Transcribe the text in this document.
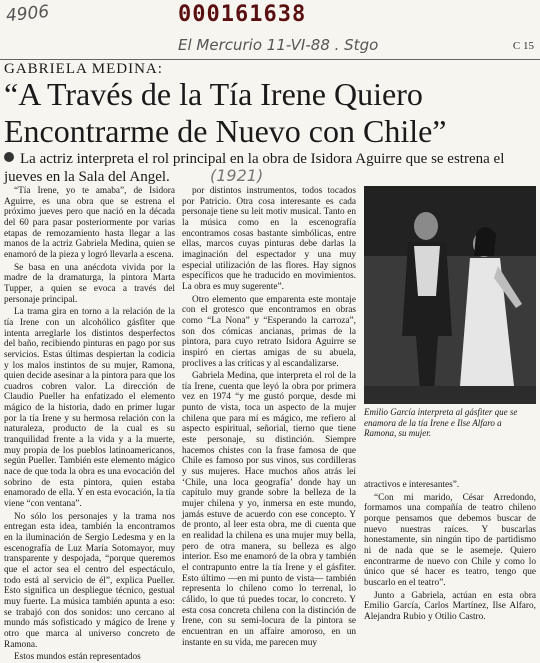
4906	000161638
El Mercurio 11-VI-88 . Stgo	C 15
GABRIELA MEDINA:
“A Través de la Tía Irene Quiero Encontrarme de Nuevo con Chile”
La actriz interpreta el rol principal en la obra de Isidora Aguirre que se estrena el jueves en la Sala del Angel.

“Tía Irene, yo te amaba”, de Isidora Aguirre, es una obra que se estrena el próximo jueves pero que nació en la década del 60 para pasar posteriormente por varias etapas de remozamiento hasta llegar a las manos de la actriz Gabriela Medina, quien se enamoró de la pieza y logró llevarla a escena.

Se basa en una anécdota vivida por la madre de la dramaturga, la pintora Marta Tupper, a quien se evoca a través del personaje principal.

La trama gira en torno a la relación de la tía Irene con un alcohólico gásfiter que intenta arreglarle los distintos desperfectos del baño, recibiendo pinturas en pago por sus servicios. Estas últimas despiertan la codicia y los malos instintos de su mujer, Ramona, quien decide asesinar a la pintora para que los cuadros cobren valor. La dirección de Claudio Pueller ha enfatizado el elemento mágico de la historia, dado en primer lugar por la tía Irene y su hermosa relación con la naturaleza, producto de la cual es su tranquilidad frente a la vida y a la muerte, muy propia de los pueblos latinoamericanos, según Pueller. También este elemento mágico nace de que toda la obra es una evocación del sobrino de esta pintora, quien estaba enamorado de ella. Y en esta evocación, la tía viene “con ventana”.

No sólo los personajes y la trama nos entregan esta idea, también la encontramos en la iluminación de Sergio Ledesma y en la escenografía de Luz María Sotomayor, muy transparente y despojada, “porque queremos que el actor sea el centro del espectáculo, todo está al servicio de él”, explica Pueller. Esto significa un despliegue técnico, gestual muy fuerte. La música también apunta a eso: se trabajó con dos sonidos: uno cercano al mundo más sofisticado y mágico de Irene y otro que marca al universo concreto de Ramona.

Estos mundos están representados

(1921)

por distintos instrumentos, todos tocados por Patricio. Otra cosa interesante es cada personaje tiene su leit motiv musical. Tanto en la música como en la escenografía encontramos cosas bastante simbólicas, entre ellas, marcos cuyas pinturas debe darlas la imaginación del espectador y una muy especial utilización de las flores. Hay signos específicos que he traducido en movimientos. La obra es muy sugerente”.

Otro elemento que emparenta este montaje con el grotesco que encontramos en obras como “La Nona” y “Esperando la carroza”, son dos cómicas ancianas, primas de la pintora, para cuyo retrato Isidora Aguirre se inspiró en ciertas amigas de su abuela, proclives a las críticas y al escandalizarse.

Gabriela Medina, que interpreta el rol de la tía Irene, cuenta que leyó la obra por primera vez en 1974 “y me gustó porque, desde mi punto de vista, toca un aspecto de la mujer chilena que para mí es mágico, me refiero al aspecto espiritual, señorial, tierno que tiene este personaje, su distinción. Siempre hacemos chistes con la frase famosa de que Chile es famoso por sus vinos, sus cordilleras y sus mujeres. Hace muchos años atrás leí ‘Chile, una loca geografía’ donde hay un capítulo muy grande sobre la belleza de la mujer chilena y yo, inmersa en este mundo, jamás estuve de acuerdo con ese concepto. Y de pronto, al leer esta obra, me di cuenta que en realidad la chilena es una mujer muy bella, pero de otra manera, su belleza es algo interior. Eso me enamoró de la obra y también el contrapunto entre la tía Irene y el gásfiter. Esto último —en mi punto de vista— también representa lo chileno como lo terrenal, lo cálido, lo que tú puedes tocar, lo concreto. Y esta cosa concreta chilena con la distinción de Irene, con su semi-locura de la pintora se encuentran en un affaire amoroso, en un instante en su vida, me parecen muy

Emilio García interpreta al gásfiter que se enamora de la tía Irene e Ilse Alfaro a Ramona, su mujer.

atractivos e interesantes”.

“Con mi marido, César Arredondo, formamos una compañía de teatro chileno porque pensamos que debemos buscar de nuevo nuestras raíces. Y buscarlas honestamente, sin ningún tipo de partidismo ni de nada que se le asemeje. Quiero encontrarme de nuevo con Chile y como lo único que sé hacer es teatro, tengo que buscarlo en el teatro”.

Junto a Gabriela, actúan en esta obra Emilio García, Carlos Martínez, Ilse Alfaro, Alejandra Rubio y Otilio Castro.
